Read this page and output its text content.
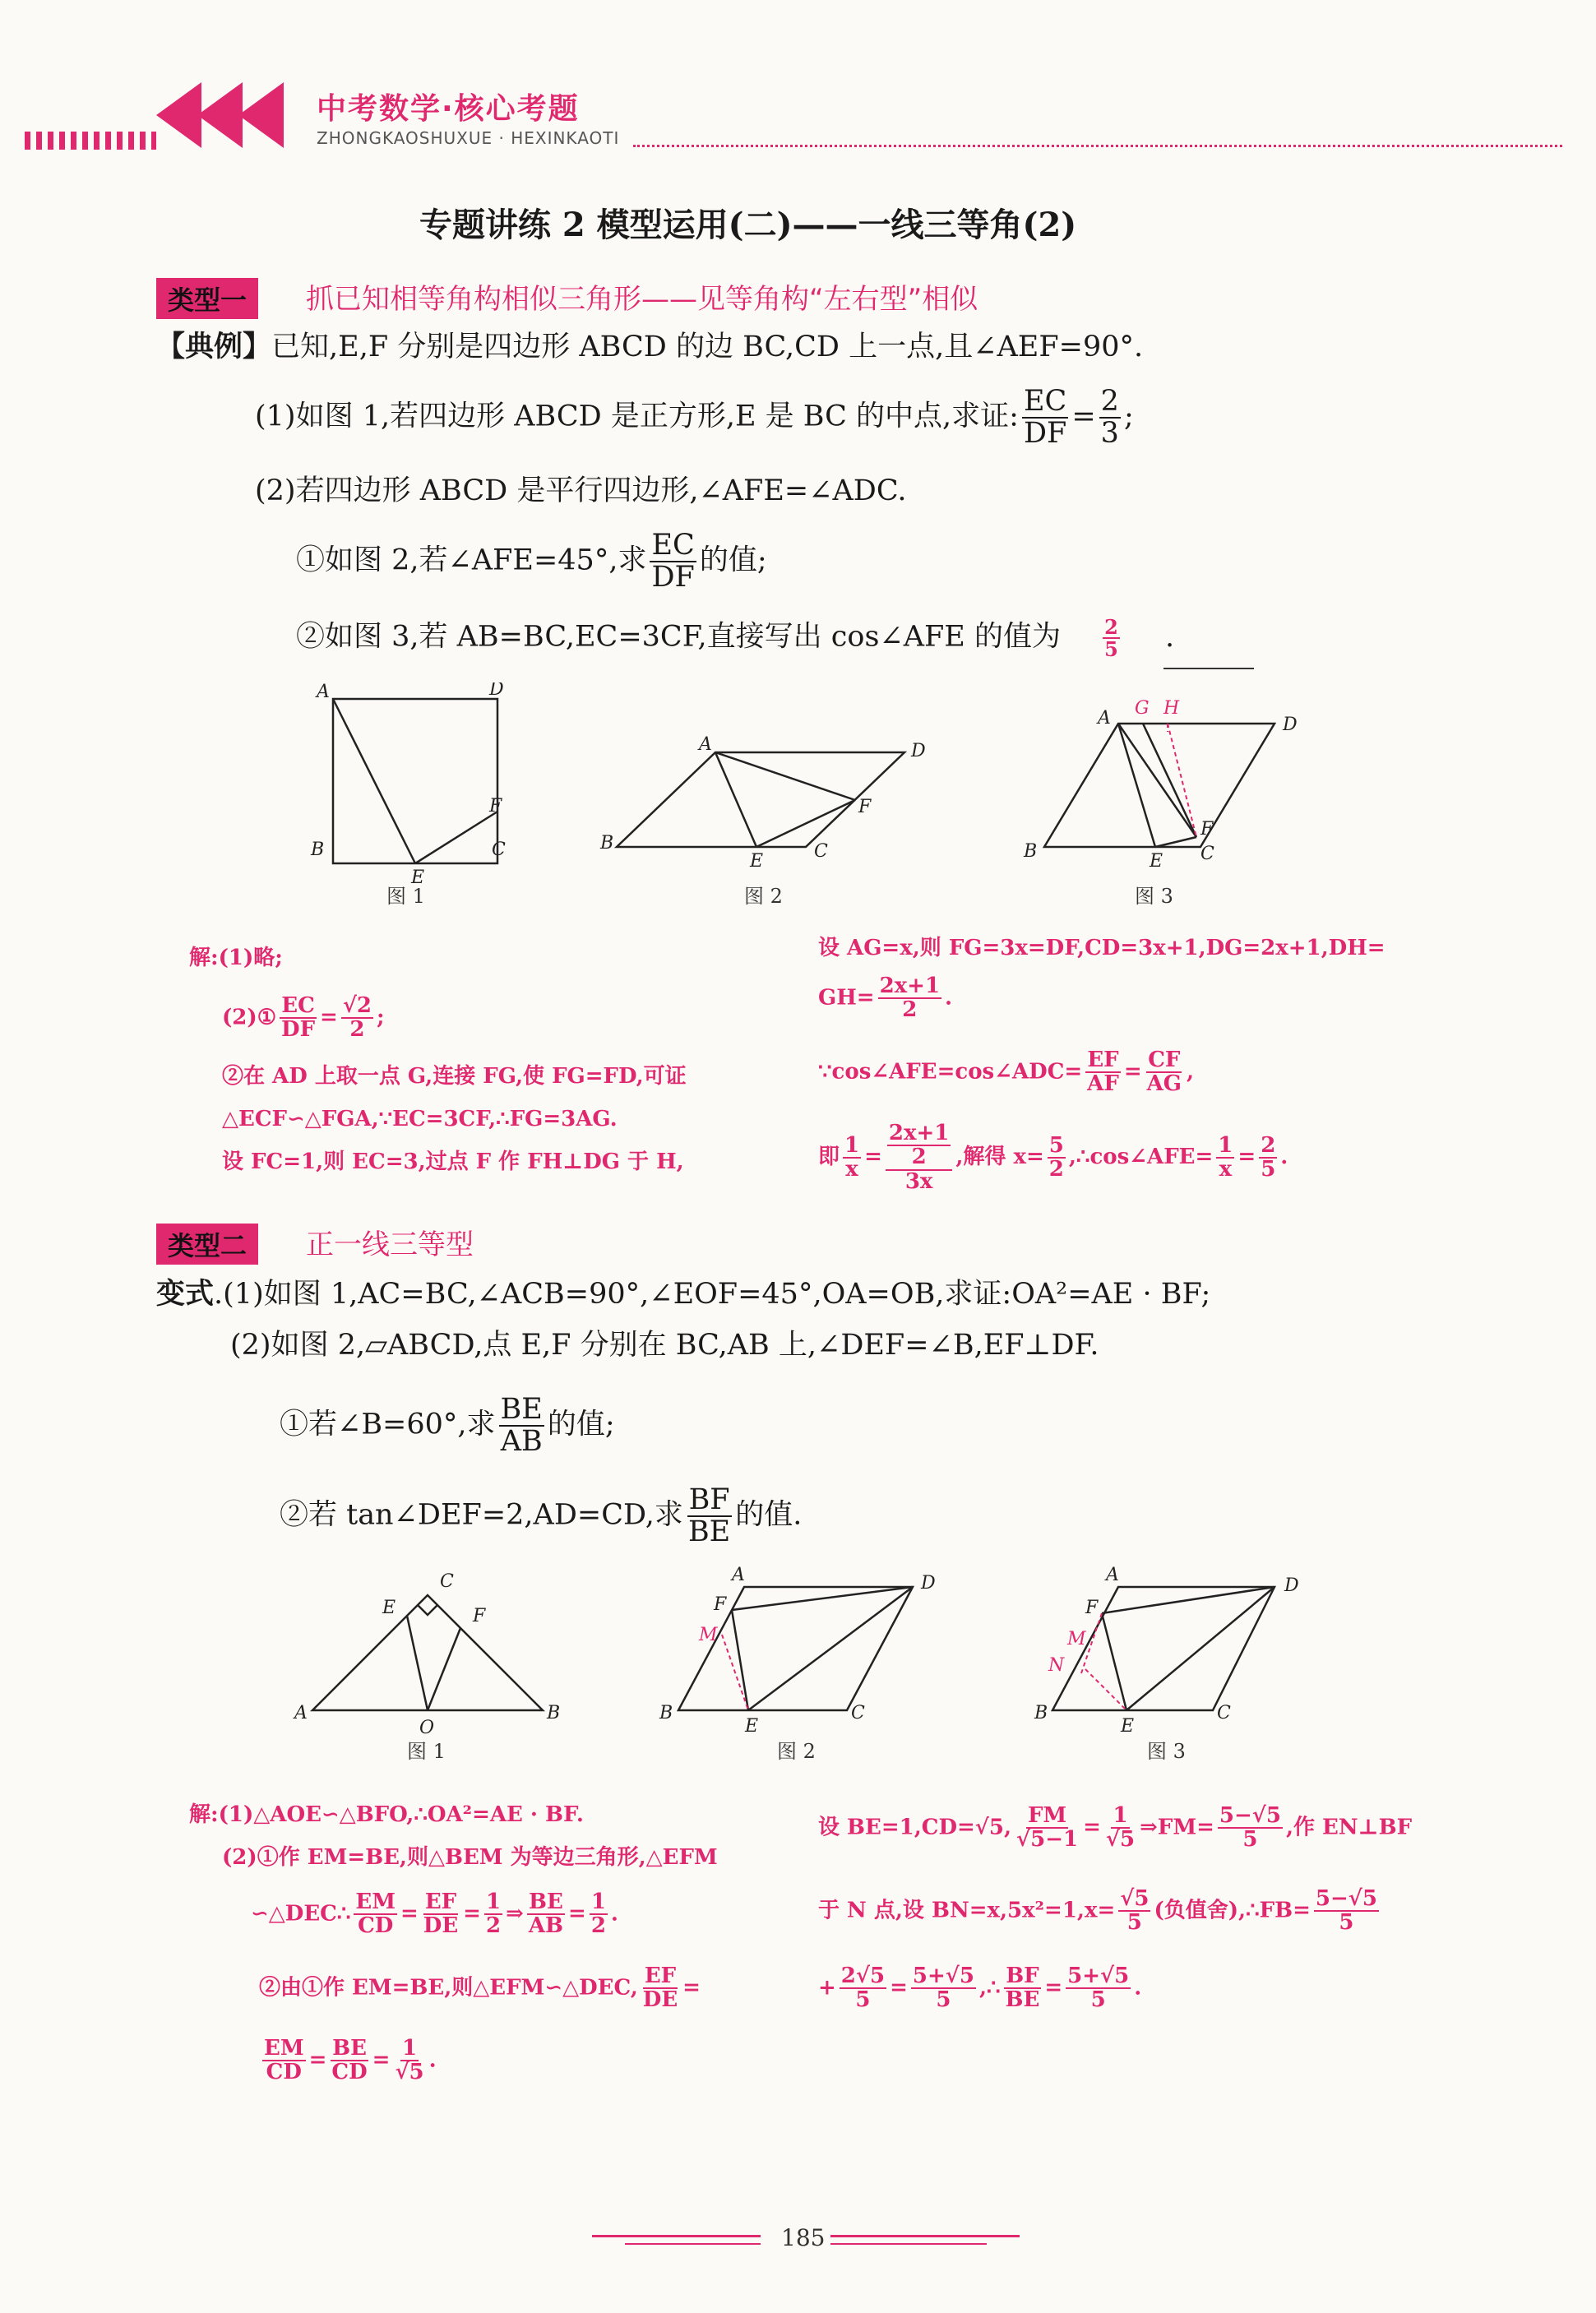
中考数学·核心考题
ZHONGKAOSHUXUE · HEXINKAOTI
专题讲练 2 模型运用(二)——一线三等角(2)
类型一	抓已知相等角构相似三角形——见等角构“左右型”相似
【典例】已知,E,F 分别是四边形 ABCD 的边 BC,CD 上一点,且∠AEF=90°.
(1)如图 1,若四边形 ABCD 是正方形,E 是 BC 的中点,求证: $\frac{EC}{DF} = \frac{2}{3}$ ;
(2)若四边形 ABCD 是平行四边形,∠AFE=∠ADC.
①如图 2,若∠AFE=45°,求 $\frac{EC}{DF}$ 的值;
②如图 3,若 AB=BC,EC=3CF,直接写出 cos∠AFE 的值为 $\frac{2}{5}$ .
A	D
B
E
C
F
A	D
B
E	C
F
A G H
D
B	E C
F
图 1	图 2	图 3
解:(1)略;
(2)① $\frac{EC}{DF} = \frac{√2}{2}$ ;
②在 AD 上取一点 G,连接 FG,使 FG=FD,可证
△ECF∽△FGA,∵EC=3CF,∴FG=3AG.
设 FC=1,则 EC=3,过点 F 作 FH⊥DG 于 H,
设 AG=x,则 FG=3x=DF,CD=3x+1,DG=2x+1,DH=
$GH= \frac{2x+1}{2}$ .
∵cos∠AFE=cos∠ADC= $\frac{EF}{AF} = \frac{CF}{AG}$ ,
即 $\frac{1}{x} = 2x+1$
2
3x ,解得 $x= \frac{5}{2}$ ,∴cos∠AFE= $\frac{1}{x} = \frac{2}{5}$ .
类型二	正一线三等型
变式.(1)如图 1,AC=BC,∠ACB=90°,∠EOF=45°,OA=OB,求证:OA²=AE · BF;
(2)如图 2,▱ABCD,点 E,F 分别在 BC,AB 上,∠DEF=∠B,EF⊥DF.
①若∠B=60°,求 $\frac{BE}{AB}$ 的值;
②若 tan∠DEF=2,AD=CD,求 $\frac{BF}{BE}$ 的值.
C
E	F
A
O
B
A	D
F
M
B
E
C
A
D
F
M
N
B
E
C
图 1	图 2	图 3
解:(1)△AOE∽△BFO,∴OA²=AE · BF.
(2)①作 EM=BE,则△BEM 为等边三角形,△EFM
∽△DEC∴ $\frac{EM}{CD} = \frac{EF}{DE} = \frac{1}{2}$ ⇒ $\frac{BE}{AB} = \frac{1}{2}$ .
②由①作 EM=BE,则△EFM∽△DEC, $\frac{EF}{DE}$ =
$\frac{EM}{CD} = \frac{BE}{CD} = \frac{1}{√5}$ .
设 BE=1,CD=√5, $\frac{FM}{√5-1} = \frac{1}{√5}$ ⇒FM= $\frac{5-√5}{5}$ ,作 EN⊥BF
于 N 点,设 $BN=x,5x^2=1,x= \frac{√5}{5}$ (负值舍),∴FB= $\frac{5-√5}{5}$
+ $\frac{2√5}{5} = \frac{5+√5}{5}$ ,∴ $\frac{BF}{BE} = \frac{5+√5}{5}$ .
185
